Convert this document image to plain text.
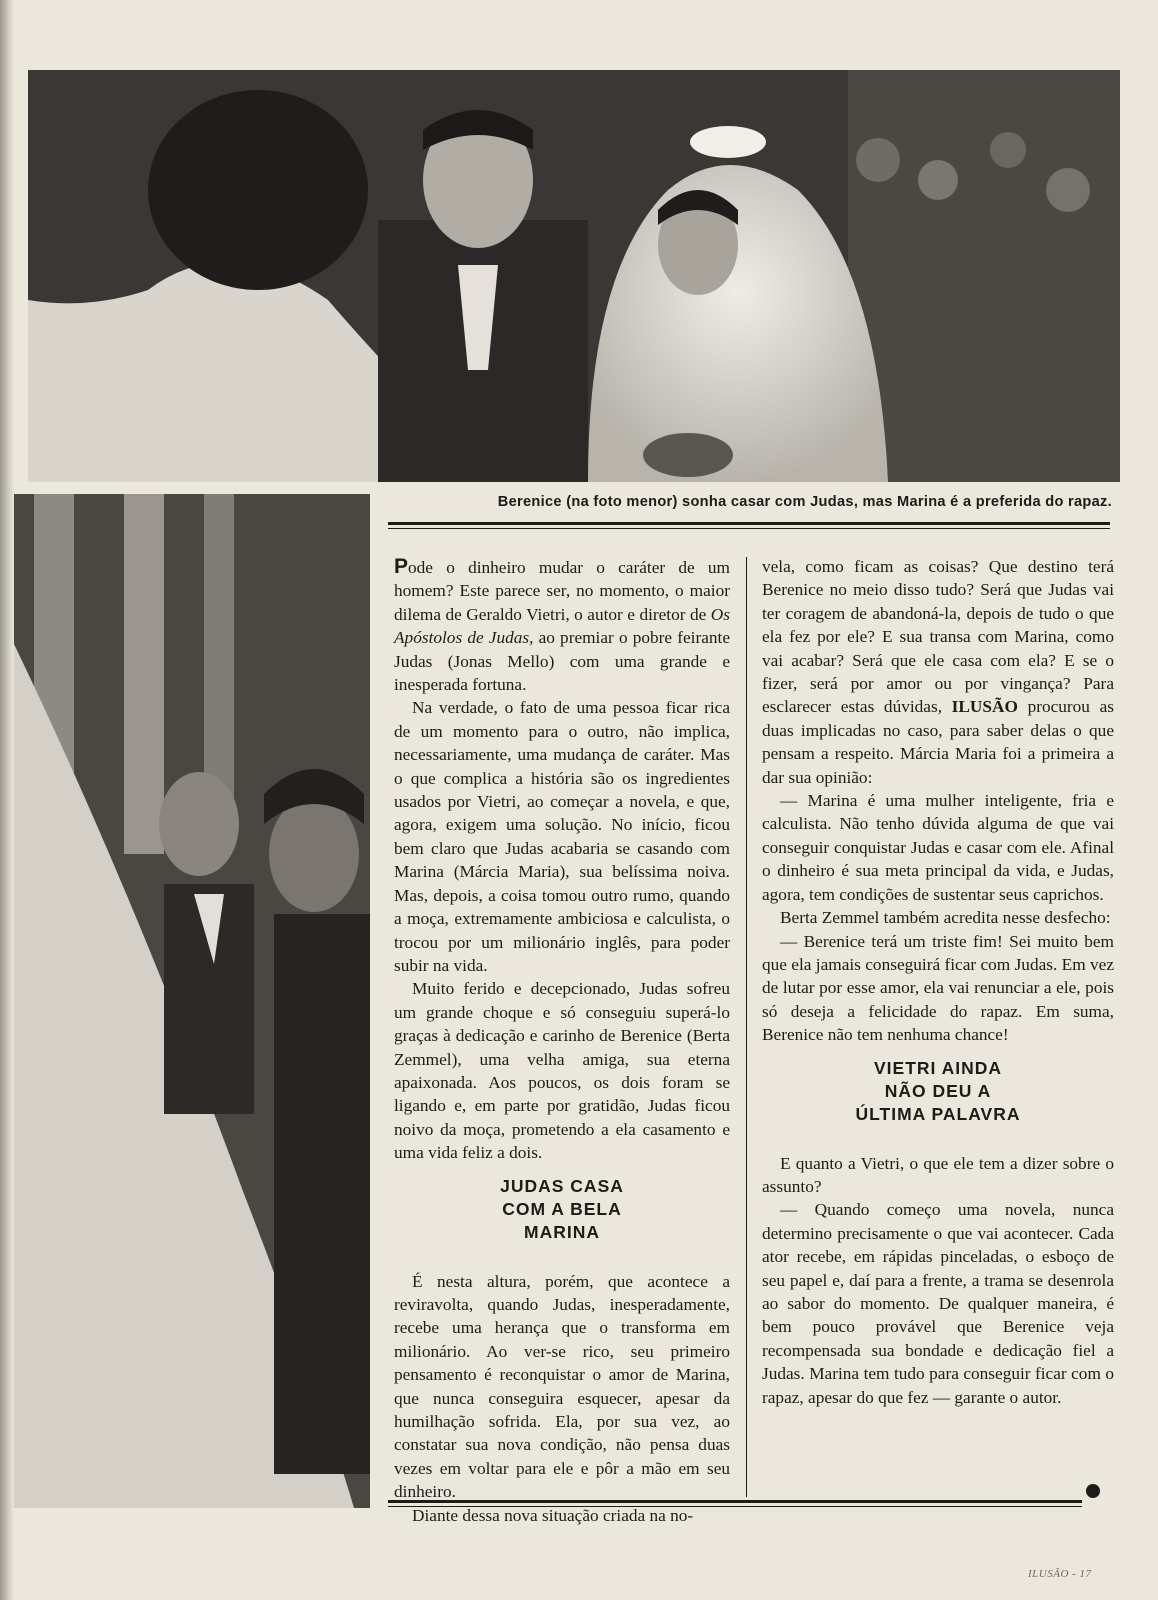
Berenice (na foto menor) sonha casar com Judas, mas Marina é a preferida do rapaz.

Pode o dinheiro mudar o caráter de um homem? Este parece ser, no momento, o maior dilema de Geraldo Vietri, o autor e diretor de Os Apóstolos de Judas, ao premiar o pobre feirante Judas (Jonas Mello) com uma grande e inesperada fortuna.

Na verdade, o fato de uma pessoa ficar rica de um momento para o outro, não implica, necessariamente, uma mudança de caráter. Mas o que complica a história são os ingredientes usados por Vietri, ao começar a novela, e que, agora, exigem uma solução. No início, ficou bem claro que Judas acabaria se casando com Marina (Márcia Maria), sua belíssima noiva. Mas, depois, a coisa tomou outro rumo, quando a moça, extremamente ambiciosa e calculista, o trocou por um milionário inglês, para poder subir na vida.

Muito ferido e decepcionado, Judas sofreu um grande choque e só conseguiu superá-lo graças à dedicação e carinho de Berenice (Berta Zemmel), uma velha amiga, sua eterna apaixonada. Aos poucos, os dois foram se ligando e, em parte por gratidão, Judas ficou noivo da moça, prometendo a ela casamento e uma vida feliz a dois.

JUDAS CASA
COM A BELA
MARINA

É nesta altura, porém, que acontece a reviravolta, quando Judas, inesperadamente, recebe uma herança que o transforma em milionário. Ao ver-se rico, seu primeiro pensamento é reconquistar o amor de Marina, que nunca conseguira esquecer, apesar da humilhação sofrida. Ela, por sua vez, ao constatar sua nova condição, não pensa duas vezes em voltar para ele e pôr a mão em seu dinheiro.

Diante dessa nova situação criada na no-

vela, como ficam as coisas? Que destino terá Berenice no meio disso tudo? Será que Judas vai ter coragem de abandoná-la, depois de tudo o que ela fez por ele? E sua transa com Marina, como vai acabar? Será que ele casa com ela? E se o fizer, será por amor ou por vingança? Para esclarecer estas dúvidas, ILUSÃO procurou as duas implicadas no caso, para saber delas o que pensam a respeito. Márcia Maria foi a primeira a dar sua opinião:

— Marina é uma mulher inteligente, fria e calculista. Não tenho dúvida alguma de que vai conseguir conquistar Judas e casar com ele. Afinal o dinheiro é sua meta principal da vida, e Judas, agora, tem condições de sustentar seus caprichos.

Berta Zemmel também acredita nesse desfecho:

— Berenice terá um triste fim! Sei muito bem que ela jamais conseguirá ficar com Judas. Em vez de lutar por esse amor, ela vai renunciar a ele, pois só deseja a felicidade do rapaz. Em suma, Berenice não tem nenhuma chance!

VIETRI AINDA
NÃO DEU A
ÚLTIMA PALAVRA

E quanto a Vietri, o que ele tem a dizer sobre o assunto?

— Quando começo uma novela, nunca determino precisamente o que vai acontecer. Cada ator recebe, em rápidas pinceladas, o esboço de seu papel e, daí para a frente, a trama se desenrola ao sabor do momento. De qualquer maneira, é bem pouco provável que Berenice veja recompensada sua bondade e dedicação fiel a Judas. Marina tem tudo para conseguir ficar com o rapaz, apesar do que fez — garante o autor.

ILUSÃO - 17
